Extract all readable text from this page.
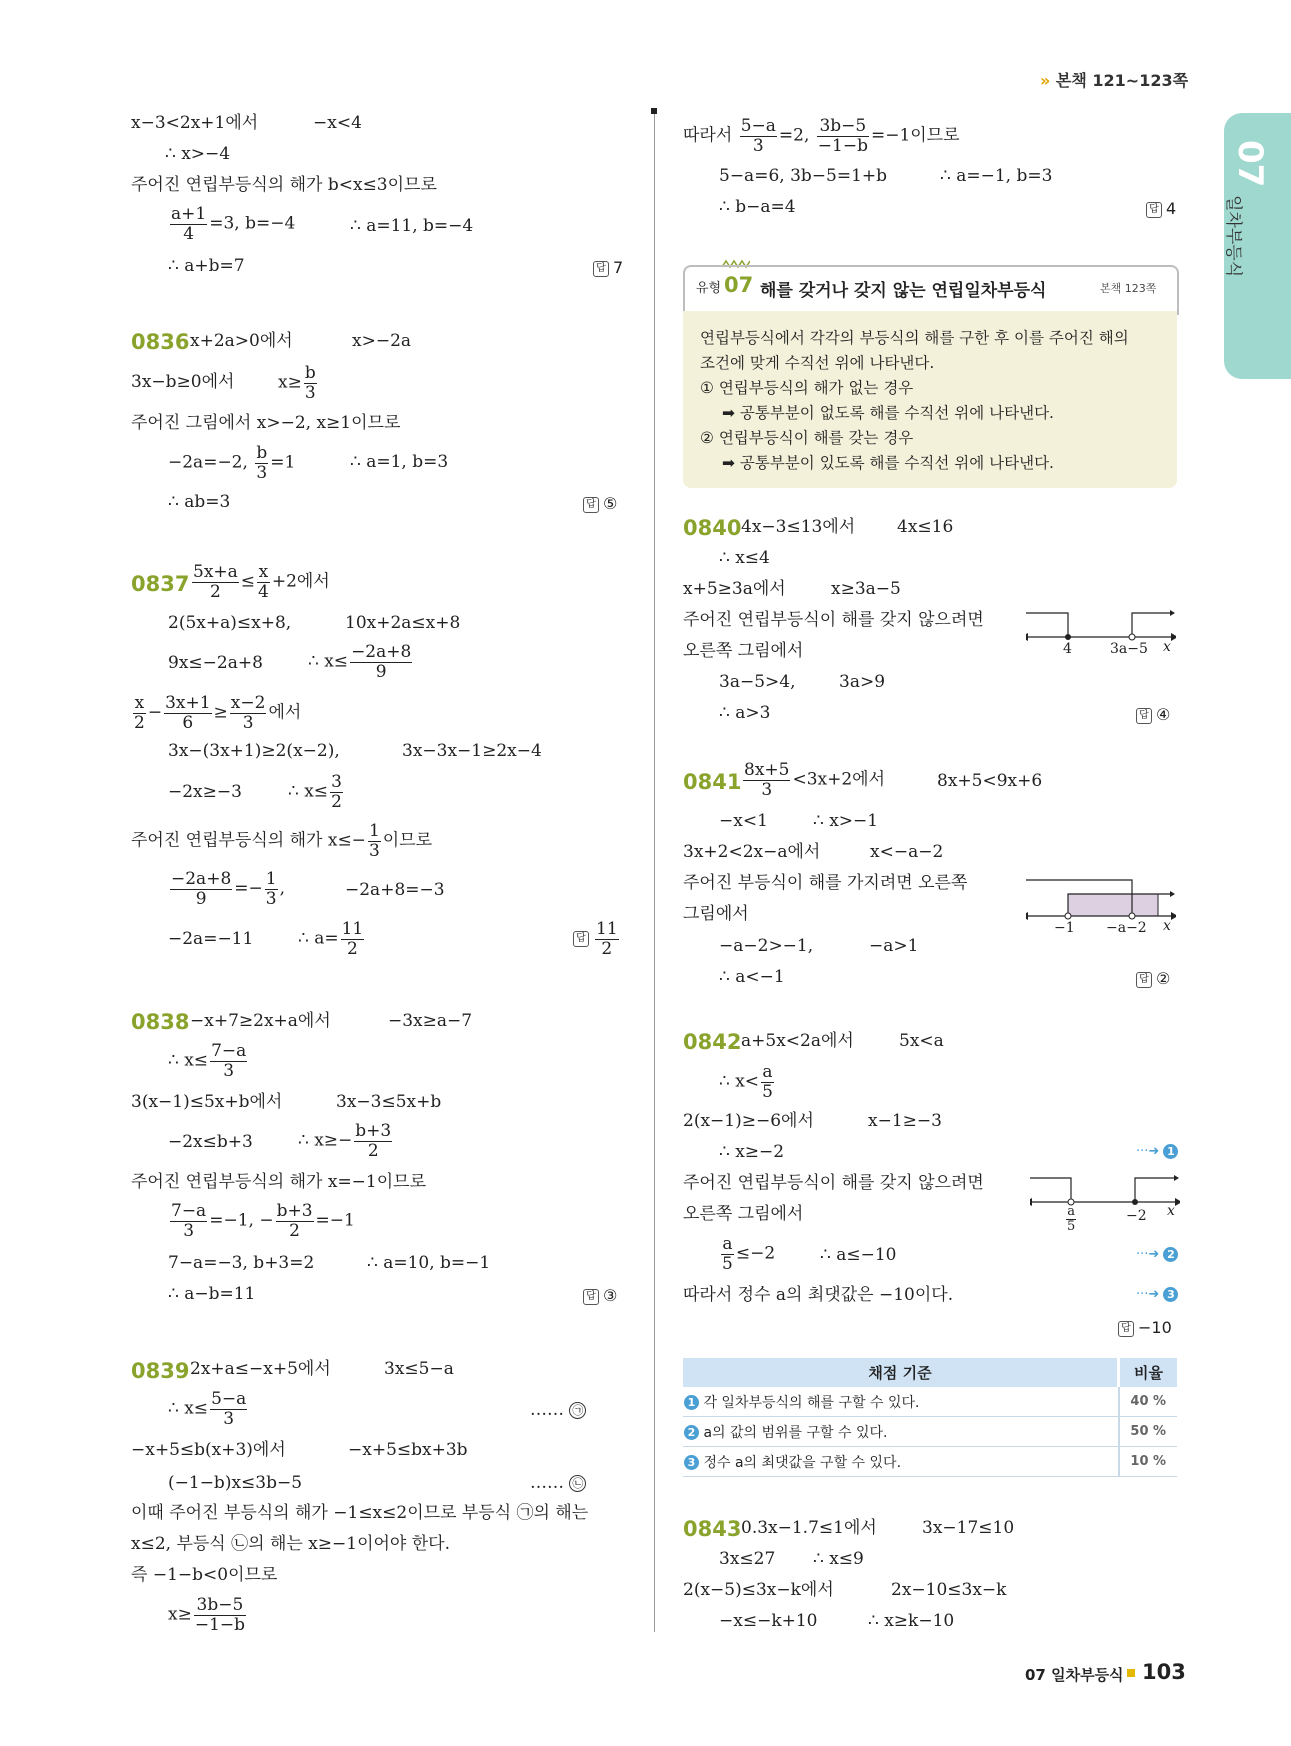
» 본책 121~123쪽
07
일차부등식
x−3<2x+1에서	−x<4
∴ x>−4
주어진 연립부등식의 해가 b<x≤3이므로
$\frac{a+1}{4} =3$, b=−4	∴ a=11, b=−4
∴ a+b=7	답 7
0836 x+2a>0에서	x>−2a
3x−b≥0에서	$x\ge \frac{b}{3}$
주어진 그림에서 x>−2, x≥1이므로
−2a=−2, $\frac{b}{3} =1$	∴ a=1, b=3
∴ ab=3	답 ⑤
$0837 \frac{5x+a}{2} \le \frac{x}{4} +2$에서
2(5x+a)≤x+8,	10x+2a≤x+8
9x≤−2a+8	∴ $x\le \frac{-2a+8}{9}$
$\frac{x}{2} - \frac{3x+1}{6} \ge \frac{x-2}{3}$ 에서
3x−(3x+1)≥2(x−2),	3x−3x−1≥2x−4
−2x≥−3	∴ $x\le \frac{3}{2}$
주어진 연립부등식의 해가 $x\le- \frac{1}{3}$ 이므로
$\frac{-2a+8}{9} =- \frac{1}{3}$ ,	−2a+8=−3
−2a=−11	∴ $a= \frac{11}{2}$	답 $\frac{11}{2}$
0838 −x+7≥2x+a에서	−3x≥a−7
∴ $x\le \frac{7-a}{3}$
3(x−1)≤5x+b에서	3x−3≤5x+b
−2x≤b+3	∴ $x\ge- \frac{b+3}{2}$
주어진 연립부등식의 해가 x=−1이므로
$\frac{7-a}{3} =-1$, − $\frac{b+3}{2} =-1$
7−a=−3, b+3=2	∴ a=10, b=−1
∴ a−b=11	답 ③
0839 2x+a≤−x+5에서	3x≤5−a
∴ $x\le \frac{5-a}{3}$	…… ㉠
−x+5≤b(x+3)에서	−x+5≤bx+3b
(−1−b)x≤3b−5	…… ㉡
이때 주어진 부등식의 해가 −1≤x≤2이므로 부등식 ㉠의 해는
x≤2, 부등식 ㉡의 해는 x≥−1이어야 한다.
즉 −1−b<0이므로
$x\ge \frac{3b-5}{-1-b}$
따라서 $\frac{5-a}{3} =2$, $\frac{3b-5}{-1-b} =-1$이므로
5−a=6, 3b−5=1+b	∴ a=−1, b=3
∴ b−a=4	답 4
유형 07 해를 갖거나 갖지 않는 연립일차부등식	본책 123쪽
연립부등식에서 각각의 부등식의 해를 구한 후 이를 주어진 해의
조건에 맞게 수직선 위에 나타낸다.
① 연립부등식의 해가 없는 경우
➡ 공통부분이 없도록 해를 수직선 위에 나타낸다.
② 연립부등식이 해를 갖는 경우
➡ 공통부분이 있도록 해를 수직선 위에 나타낸다.
0840 4x−3≤13에서 4x≤16
∴ x≤4
x+5≥3a에서	x≥3a−5
주어진 연립부등식이 해를 갖지 않으려면
오른쪽 그림에서
3a−5>4,	3a>9
∴ a>3	답 ④
4	3a−5 x
$0841 \frac{8x+5}{3} <3x+2$에서	8x+5<9x+6
−x<1	∴ x>−1
3x+2<2x−a에서	x<−a−2
주어진 부등식이 해를 가지려면 오른쪽
그림에서
−a−2>−1,	−a>1
∴ a<−1	답 ②
−1 −a−2 x
0842 a+5x<2a에서	5x<a
∴ $x< \frac{a}{5}$
2(x−1)≥−6에서	x−1≥−3
∴ x≥−2	···➜ 1
주어진 연립부등식이 해를 갖지 않으려면
오른쪽 그림에서
$\frac{a}{5} \le-2$	∴ a≤−10	···➜ 2
따라서 정수 a의 최댓값은 −10이다.	···➜ 3
답 −10
$\frac{a}{5}$	−2 x
채점 기준	비율
1 각 일차부등식의 해를 구할 수 있다.	40 %
2 a의 값의 범위를 구할 수 있다.	50 %
3 정수 a의 최댓값을 구할 수 있다.	10 %
0843 0.3x−1.7≤1에서	3x−17≤10
3x≤27 ∴ x≤9
2(x−5)≤3x−k에서	2x−10≤3x−k
−x≤−k+10	∴ x≥k−10
07 일차부등식 103
